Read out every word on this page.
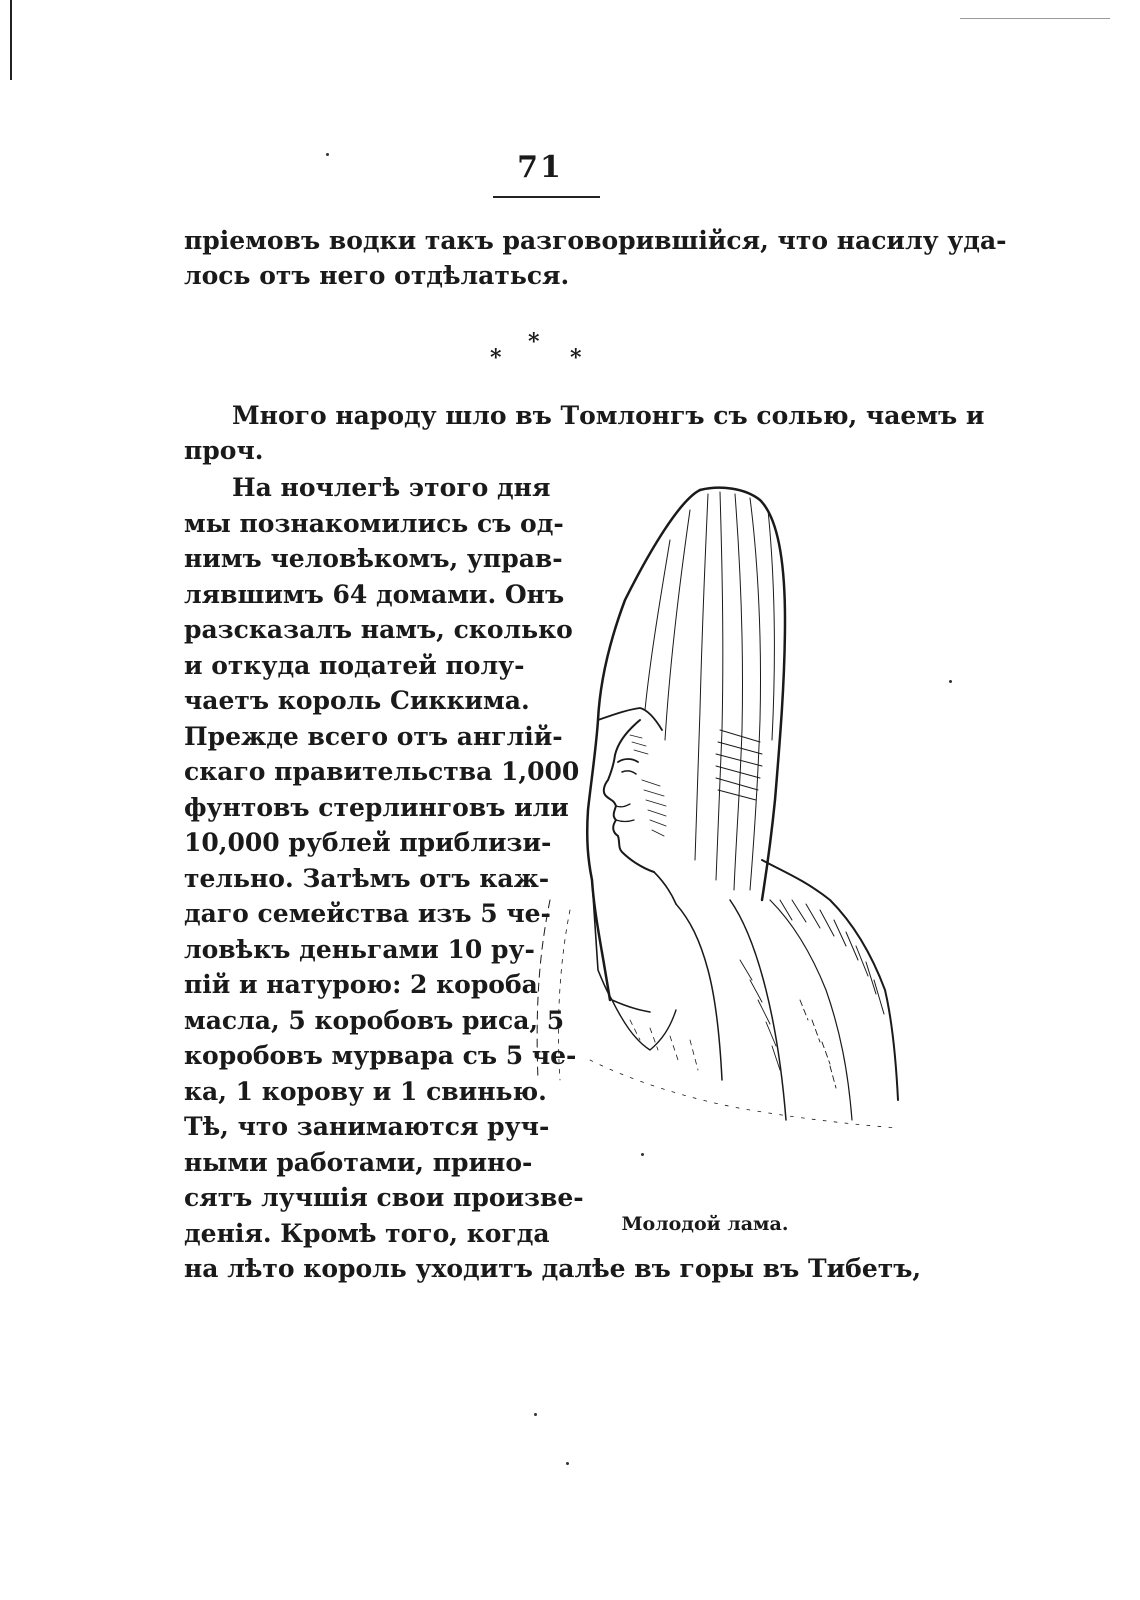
71
пріемовъ водки такъ разговорившійся, что насилу уда-
лось отъ него отдѣлаться.
*
*
*
Много народу шло въ Томлонгъ съ солью, чаемъ и
проч.
На ночлегѣ этого дня
мы познакомились съ од-
нимъ человѣкомъ, управ-
лявшимъ 64 домами. Онъ
разсказалъ намъ, сколько
и откуда податей полу-
чаетъ король Сиккима.
Прежде всего отъ англій-
скаго правительства 1,000
фунтовъ стерлинговъ или
10,000 рублей приблизи-
тельно. Затѣмъ отъ каж-
даго семейства изъ 5 че-
ловѣкъ деньгами 10 ру-
пій и натурою: 2 короба
масла, 5 коробовъ риса, 5
коробовъ мурвара съ 5 че-
ка, 1 корову и 1 свинью.
Тѣ, что занимаются руч-
ными работами, прино-
сятъ лучшія свои произве-
денія. Кромѣ того, когда
на лѣто король уходитъ далѣе въ горы въ Тибетъ,
Молодой лама.
